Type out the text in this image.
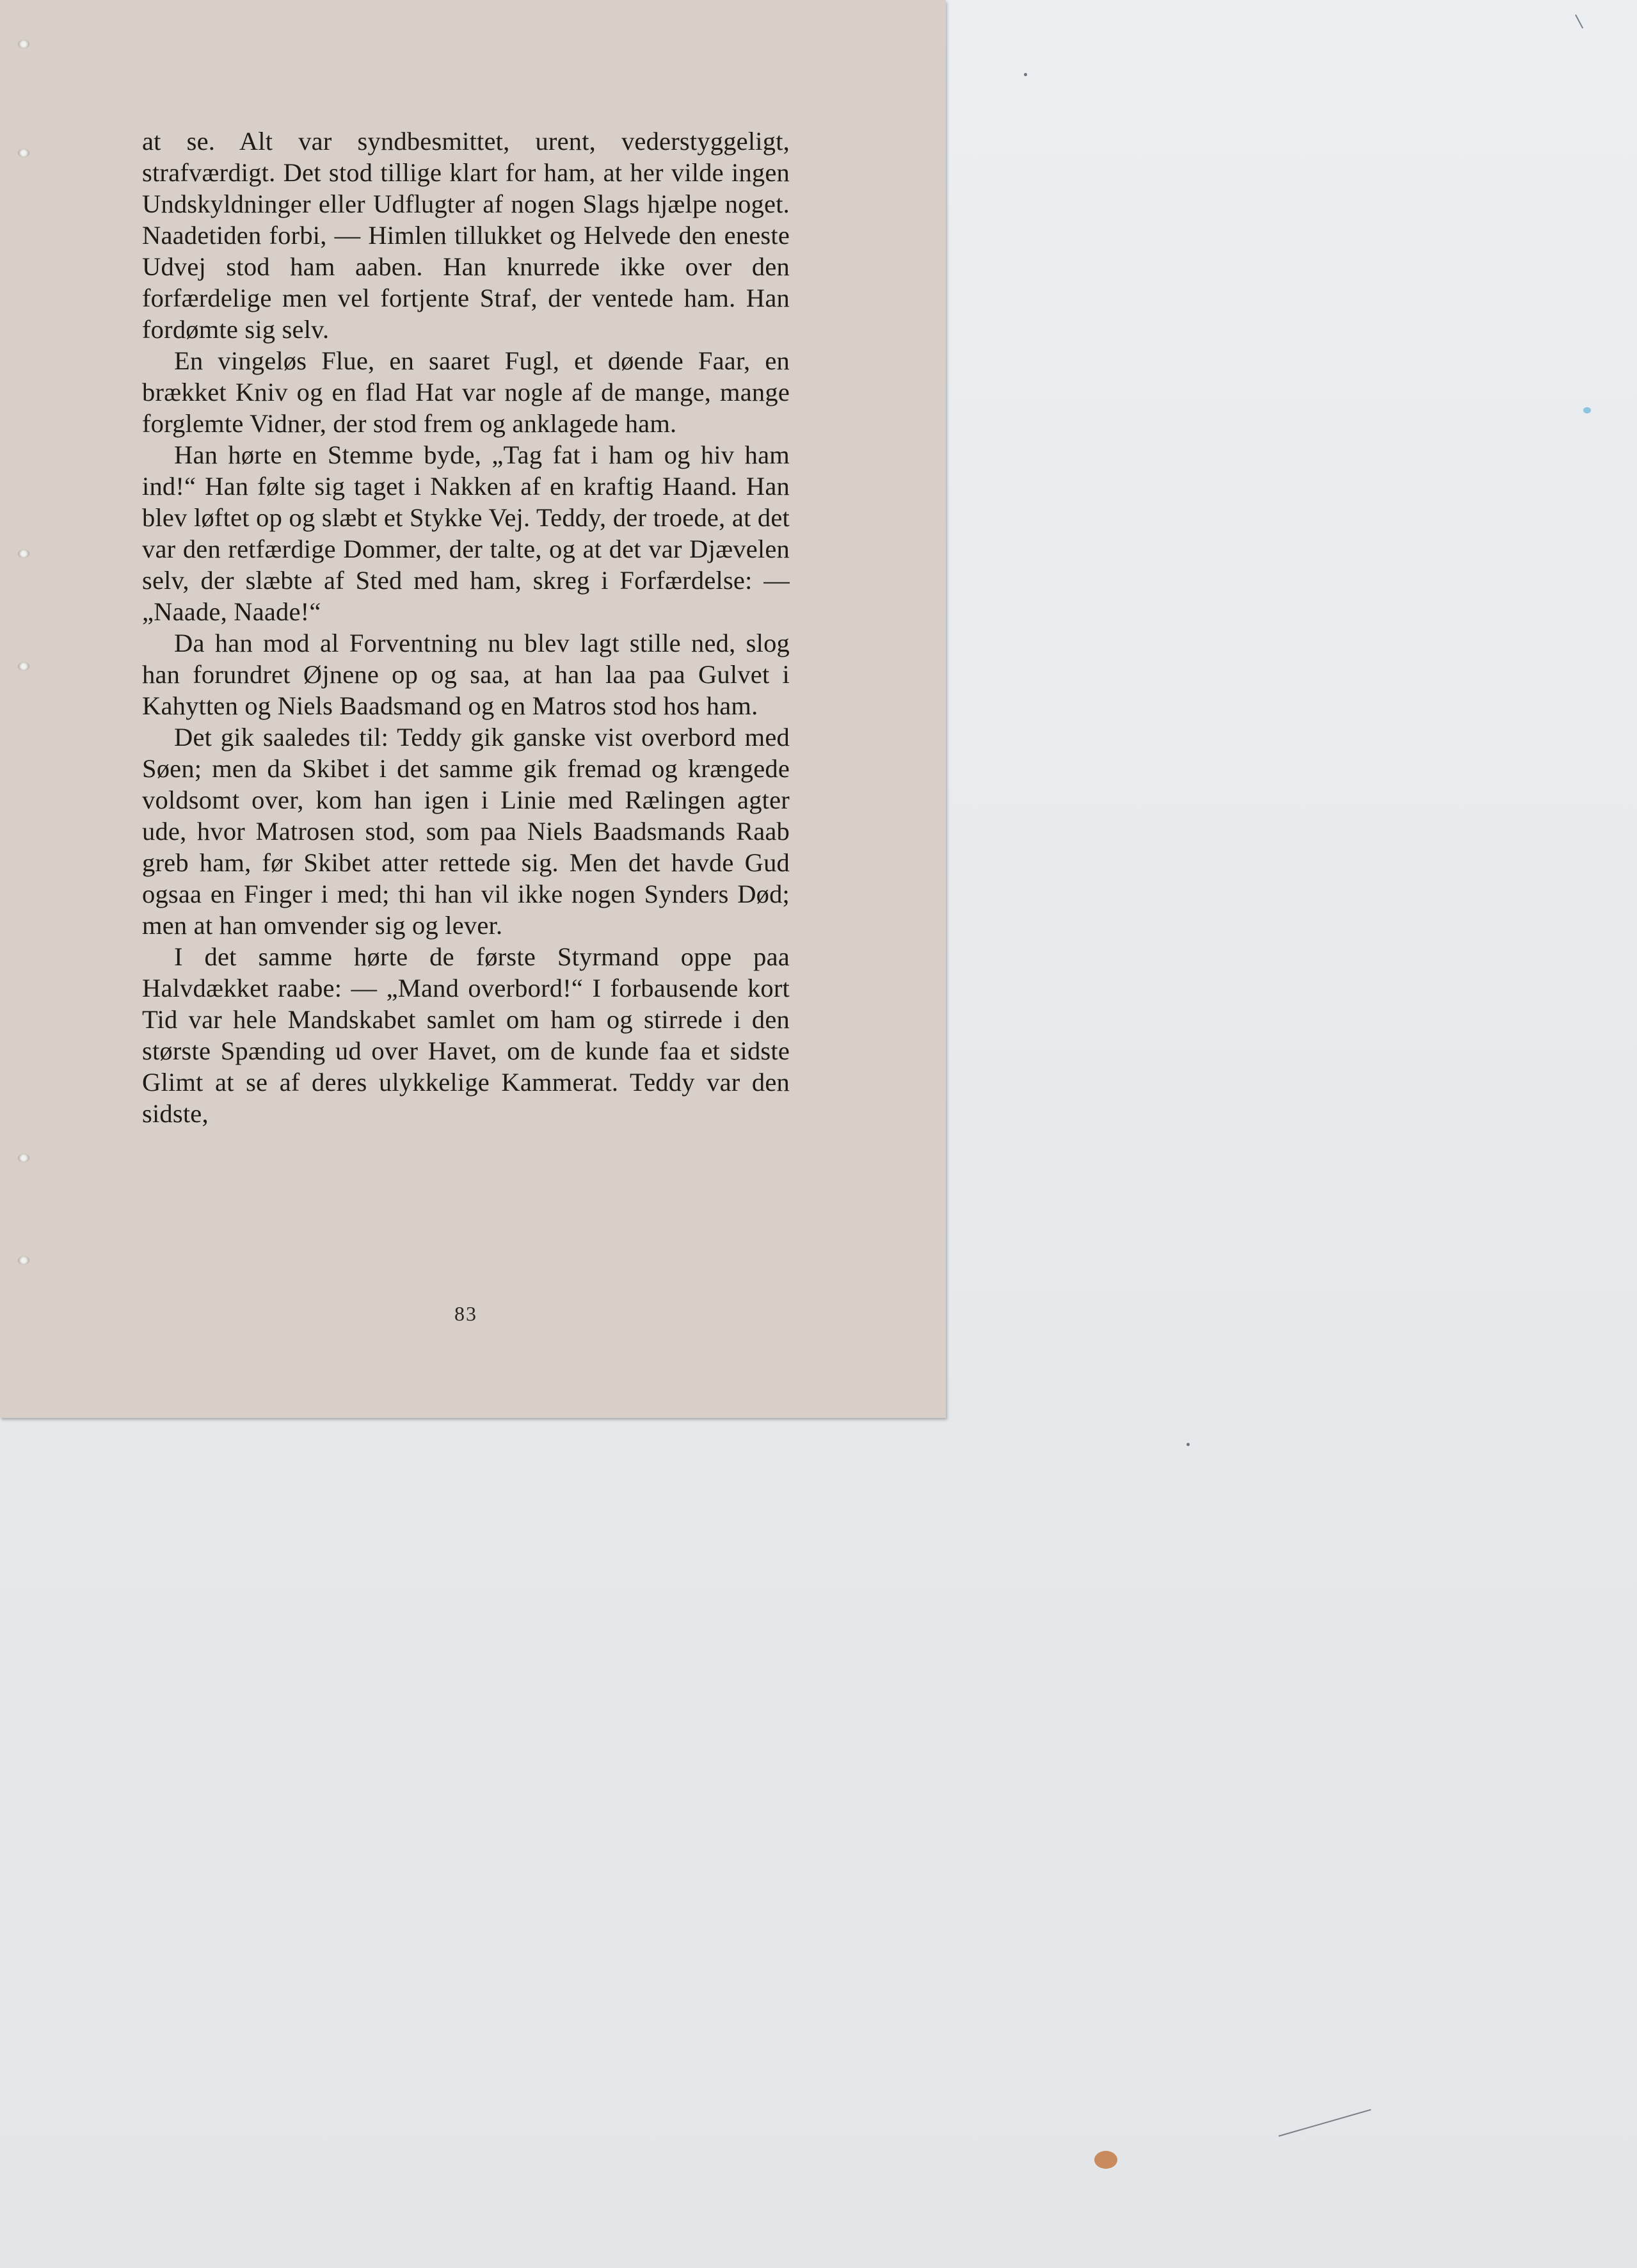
at se. Alt var syndbesmittet, urent, vederstyggeligt, strafværdigt. Det stod tillige klart for ham, at her vilde ingen Undskyldninger eller Udflugter af nogen Slags hjælpe noget. Naadetiden forbi, — Himlen tillukket og Helvede den eneste Udvej stod ham aaben. Han knurrede ikke over den forfærdelige men vel fortjente Straf, der ventede ham. Han fordømte sig selv.

En vingeløs Flue, en saaret Fugl, et døende Faar, en brækket Kniv og en flad Hat var nogle af de mange, mange forglemte Vidner, der stod frem og anklagede ham.

Han hørte en Stemme byde, „Tag fat i ham og hiv ham ind!“ Han følte sig taget i Nakken af en kraftig Haand. Han blev løftet op og slæbt et Stykke Vej. Teddy, der troede, at det var den retfærdige Dommer, der talte, og at det var Djævelen selv, der slæbte af Sted med ham, skreg i Forfærdelse: — „Naade, Naade!“

Da han mod al Forventning nu blev lagt stille ned, slog han forundret Øjnene op og saa, at han laa paa Gulvet i Kahytten og Niels Baadsmand og en Matros stod hos ham.

Det gik saaledes til: Teddy gik ganske vist overbord med Søen; men da Skibet i det samme gik fremad og krængede voldsomt over, kom han igen i Linie med Rælingen agter ude, hvor Matrosen stod, som paa Niels Baadsmands Raab greb ham, før Skibet atter rettede sig. Men det havde Gud ogsaa en Finger i med; thi han vil ikke nogen Synders Død; men at han omvender sig og lever.

I det samme hørte de første Styrmand oppe paa Halvdækket raabe: — „Mand overbord!“ I forbausende kort Tid var hele Mandskabet samlet om ham og stirrede i den største Spænding ud over Havet, om de kunde faa et sidste Glimt at se af deres ulykkelige Kammerat. Teddy var den sidste,

83
